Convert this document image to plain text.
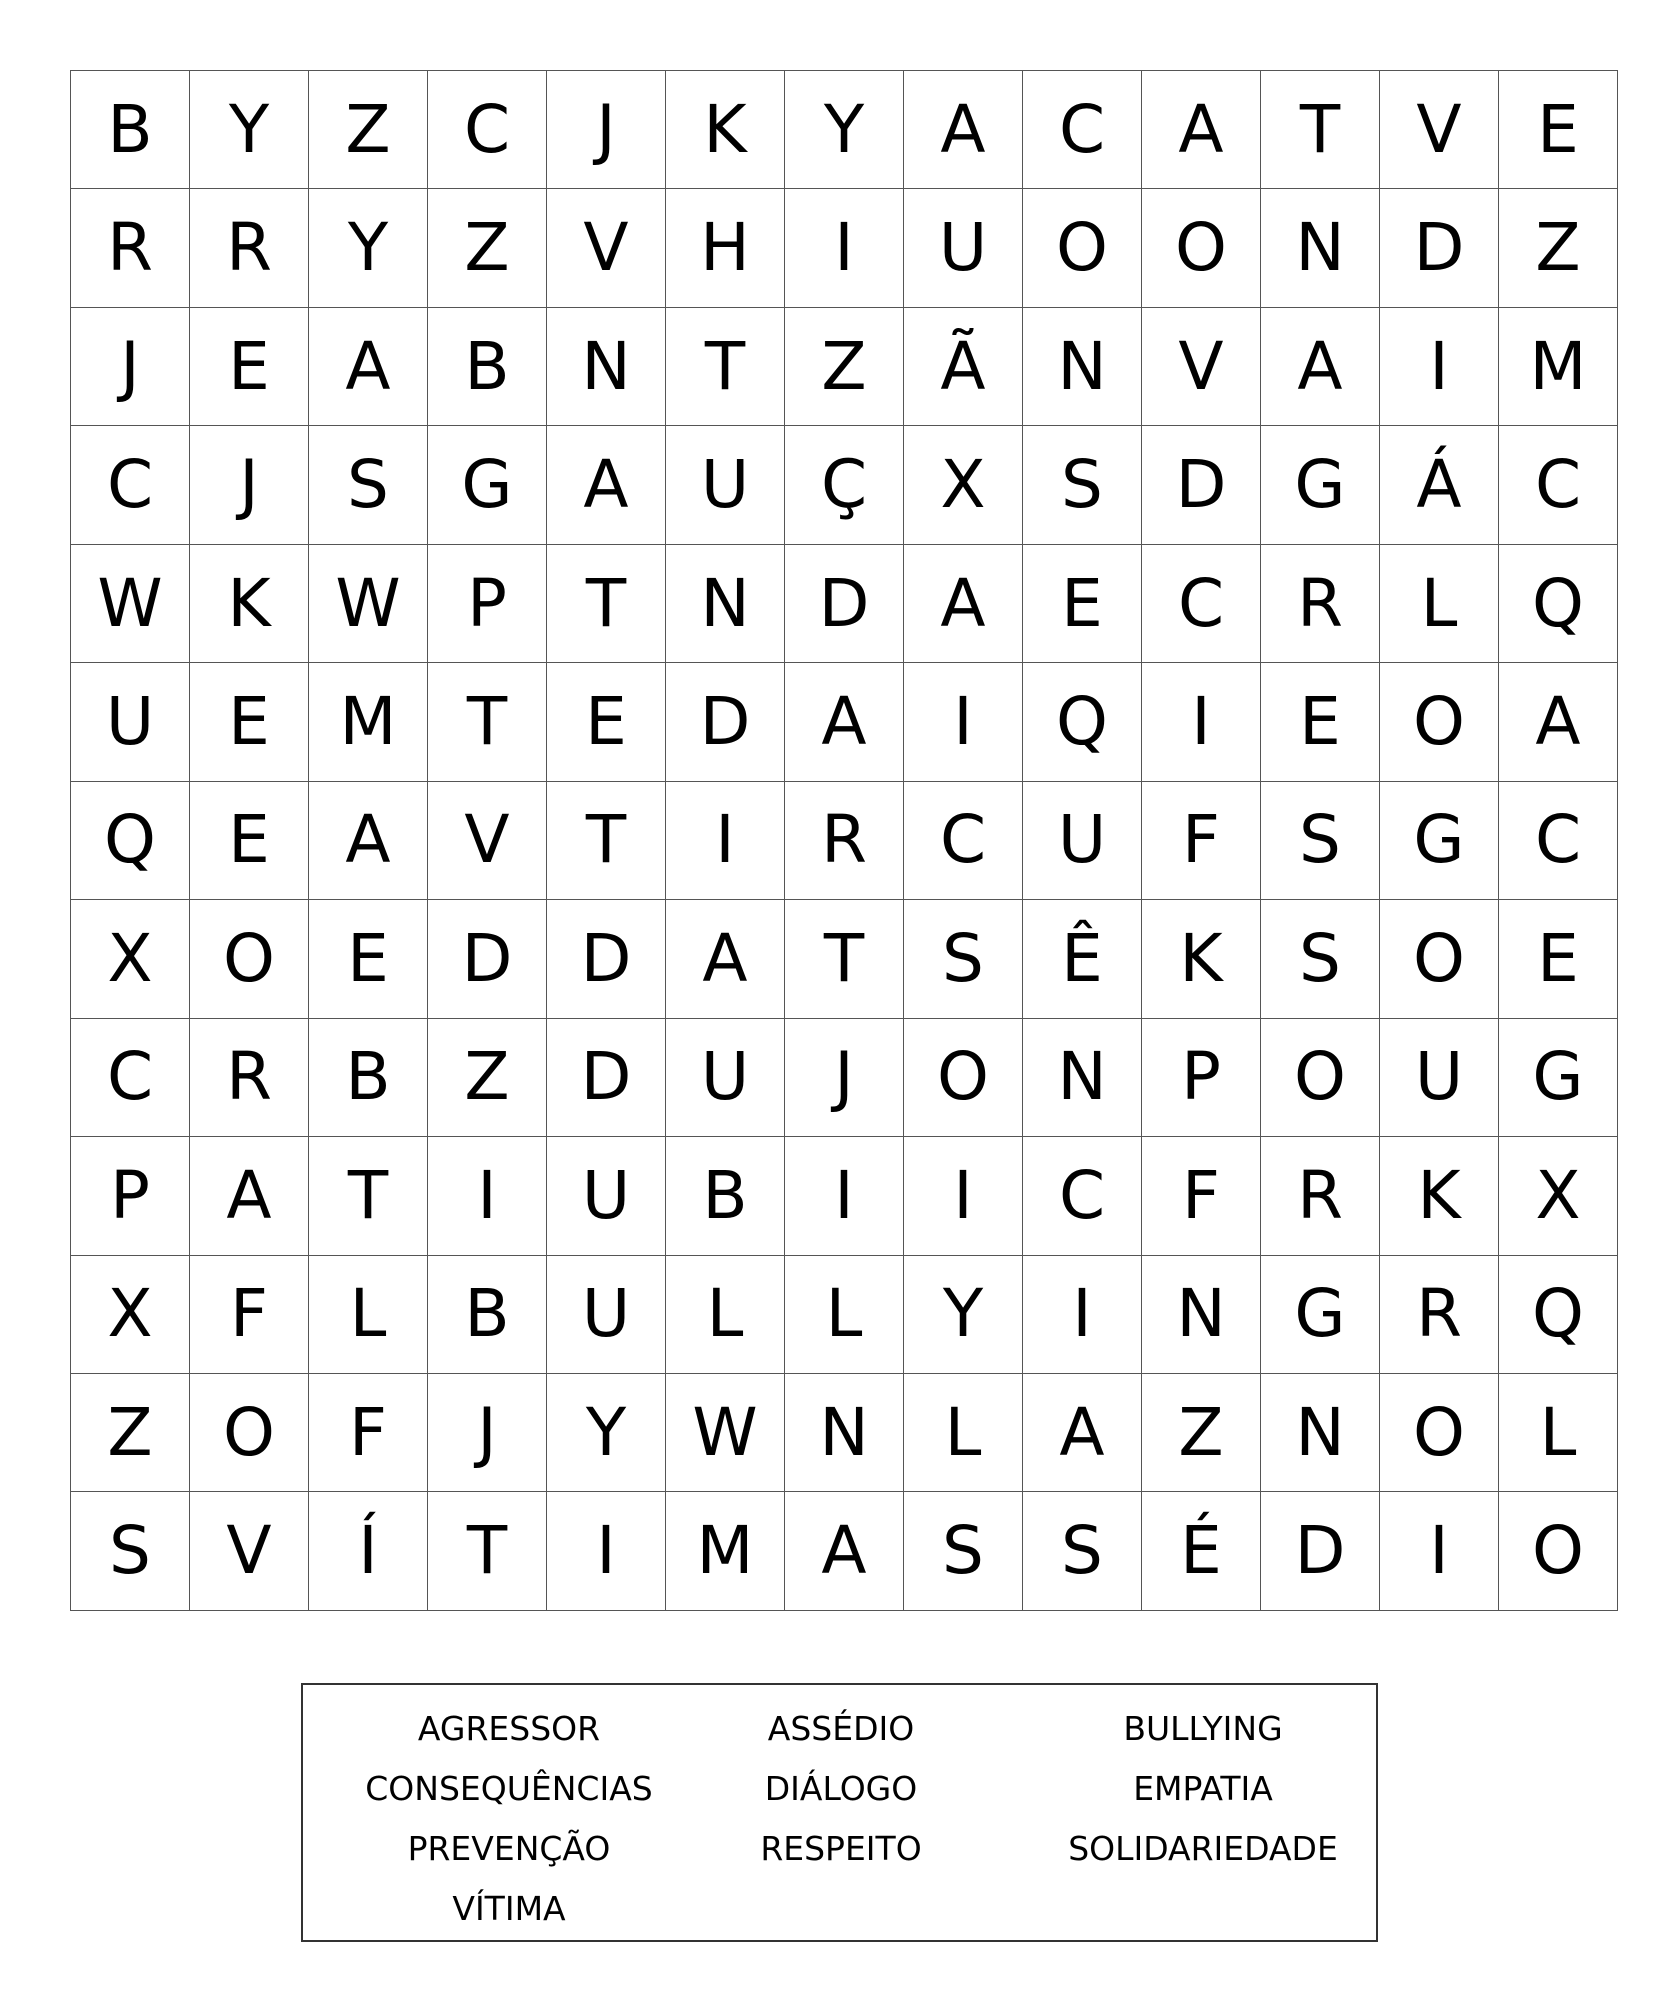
B	Y	Z	C	J	K	Y	A	C	A	T	V	E
R	R	Y	Z	V	H	I	U	O	O	N	D	Z
J	E	A	B	N	T	Z	Ã	N	V	A	I	M
C	J	S	G	A	U	Ç	X	S	D	G	Á	C
W	K	W	P	T	N	D	A	E	C	R	L	Q
U	E	M	T	E	D	A	I	Q	I	E	O	A
Q	E	A	V	T	I	R	C	U	F	S	G	C
X	O	E	D	D	A	T	S	Ê	K	S	O	E
C	R	B	Z	D	U	J	O	N	P	O	U	G
P	A	T	I	U	B	I	I	C	F	R	K	X
X	F	L	B	U	L	L	Y	I	N	G	R	Q
Z	O	F	J	Y	W	N	L	A	Z	N	O	L
S	V	Í	T	I	M	A	S	S	É	D	I	O
AGRESSOR
CONSEQUÊNCIAS
PREVENÇÃO
VÍTIMA
ASSÉDIO
DIÁLOGO
RESPEITO
BULLYING
EMPATIA
SOLIDARIEDADE
